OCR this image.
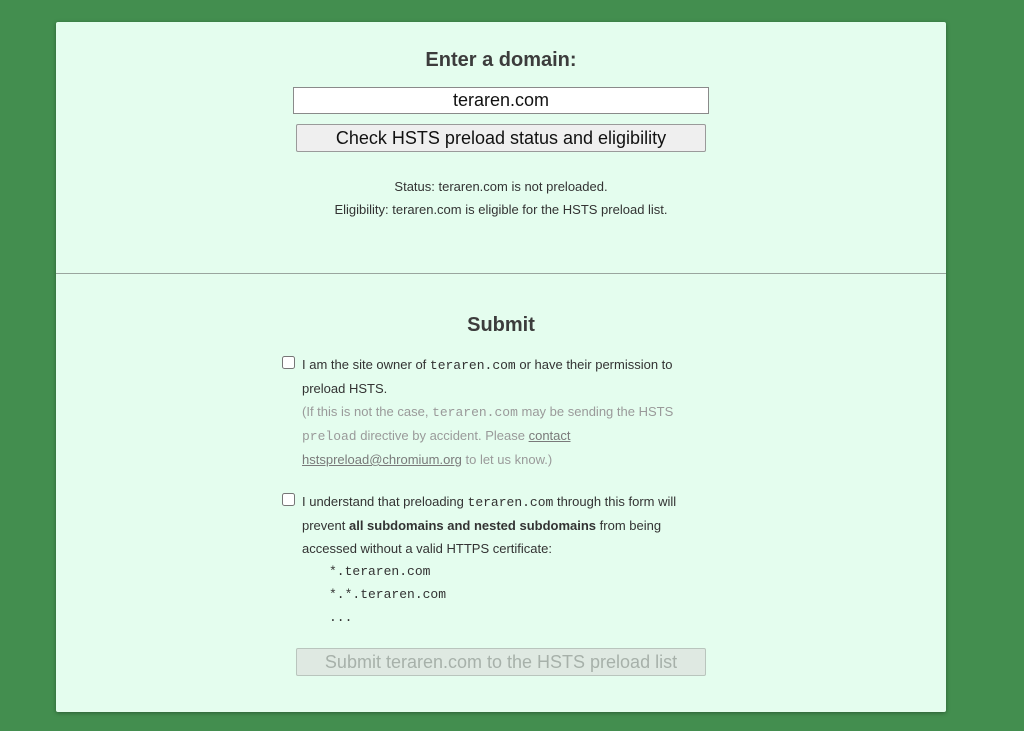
Enter a domain:
teraren.com
Check HSTS preload status and eligibility
Status: teraren.com is not preloaded.
Eligibility: teraren.com is eligible for the HSTS preload list.
Submit
I am the site owner of teraren.com or have their permission to preload HSTS.
(If this is not the case, teraren.com may be sending the HSTS preload directive by accident. Please contact hstspreload@chromium.org to let us know.)
I understand that preloading teraren.com through this form will prevent all subdomains and nested subdomains from being accessed without a valid HTTPS certificate:
*.teraren.com
*.*.teraren.com
...
Submit teraren.com to the HSTS preload list
